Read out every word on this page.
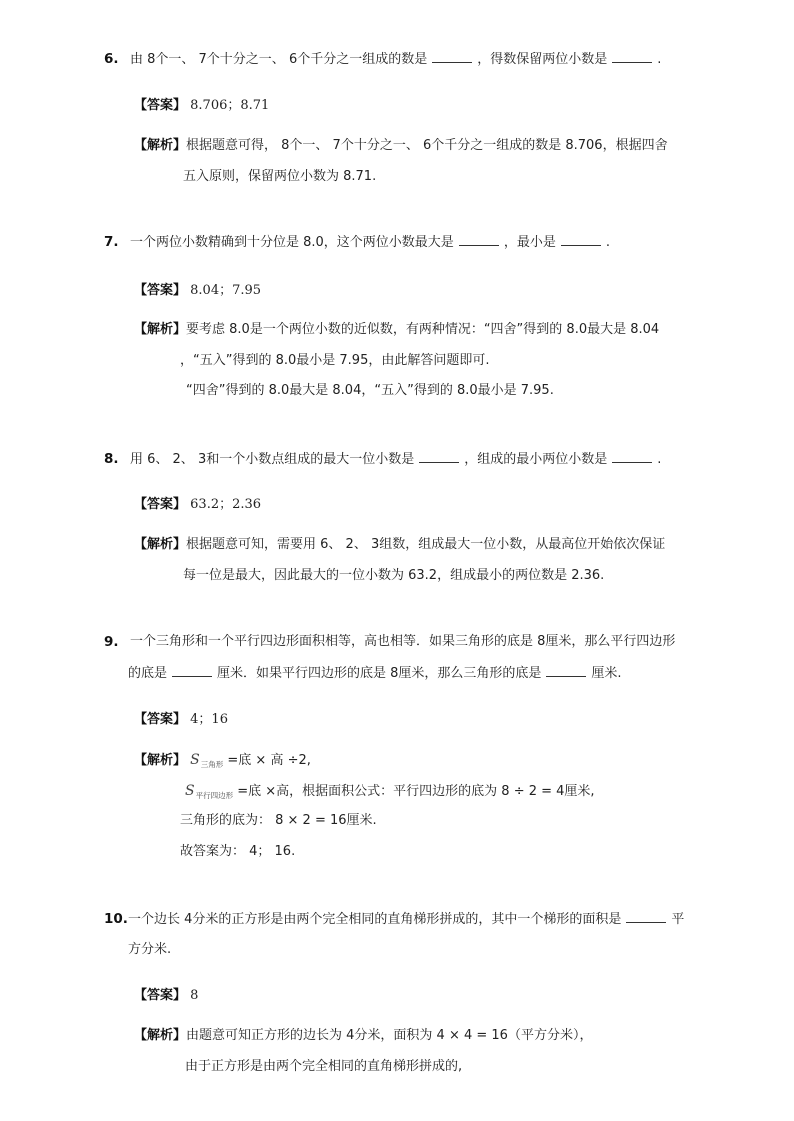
6. 由 8个一、 7个十分之一、 6个千分之一组成的数是	，得数保留两位小数是	.
【答案】 8.706；8.71
【解析】根据题意可得， 8个一、 7个十分之一、 6个千分之一组成的数是 8.706，根据四舍
五入原则，保留两位小数为 8.71.
7. 一个两位小数精确到十分位是 8.0，这个两位小数最大是	，最小是	.
【答案】 8.04；7.95
【解析】要考虑 8.0是一个两位小数的近似数，有两种情况：“四舍”得到的 8.0最大是 8.04
，“五入”得到的 8.0最小是 7.95，由此解答问题即可.
“四舍”得到的 8.0最大是 8.04，“五入”得到的 8.0最小是 7.95.
8. 用 6、 2、 3和一个小数点组成的最大一位小数是	，组成的最小两位小数是	.
【答案】 63.2；2.36
【解析】根据题意可知，需要用 6、 2、 3组数，组成最大一位小数，从最高位开始依次保证
每一位是最大，因此最大的一位小数为 63.2，组成最小的两位数是 2.36.
9. 一个三角形和一个平行四边形面积相等，高也相等．如果三角形的底是 8厘米，那么平行四边形
的底是	厘米．如果平行四边形的底是 8厘米，那么三角形的底是	厘米.
【答案】 4；16
【解析】 $S_{三角形}$ =底 × 高 ÷2,
$S_{平行四边形}$ =底 ×高，根据面积公式：平行四边形的底为 8 ÷ 2 = 4厘米,
三角形的底为： 8 × 2 = 16厘米.
故答案为： 4； 16.
10. 一个边长 4分米的正方形是由两个完全相同的直角梯形拼成的，其中一个梯形的面积是	平
方分米.
【答案】 8
【解析】由题意可知正方形的边长为 4分米，面积为 4 × 4 = 16（平方分米），
由于正方形是由两个完全相同的直角梯形拼成的,
